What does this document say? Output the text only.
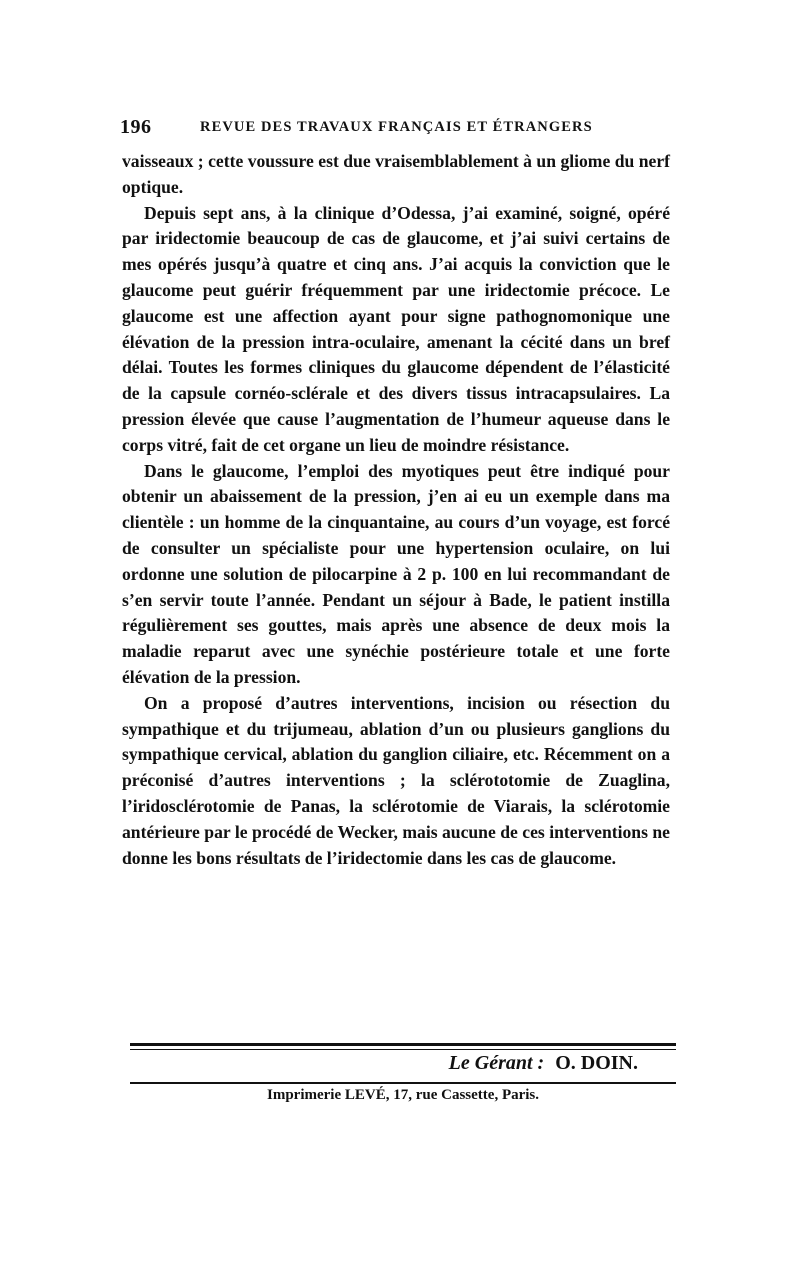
196	REVUE DES TRAVAUX FRANÇAIS ET ÉTRANGERS

vaisseaux ; cette voussure est due vraisemblablement à un gliome du nerf optique.

Depuis sept ans, à la clinique d’Odessa, j’ai examiné, soigné, opéré par iridectomie beaucoup de cas de glaucome, et j’ai suivi certains de mes opérés jusqu’à quatre et cinq ans. J’ai acquis la conviction que le glaucome peut guérir fréquemment par une iridectomie précoce. Le glaucome est une affection ayant pour signe pathognomonique une élévation de la pression intra-oculaire, amenant la cécité dans un bref délai. Toutes les formes cliniques du glaucome dépendent de l’élasticité de la capsule cornéo-sclérale et des divers tissus intracapsulaires. La pression élevée que cause l’augmentation de l’humeur aqueuse dans le corps vitré, fait de cet organe un lieu de moindre résistance.

Dans le glaucome, l’emploi des myotiques peut être indiqué pour obtenir un abaissement de la pression, j’en ai eu un exemple dans ma clientèle : un homme de la cinquantaine, au cours d’un voyage, est forcé de consulter un spécialiste pour une hypertension oculaire, on lui ordonne une solution de pilocarpine à 2 p. 100 en lui recommandant de s’en servir toute l’année. Pendant un séjour à Bade, le patient instilla régulièrement ses gouttes, mais après une absence de deux mois la maladie reparut avec une synéchie postérieure totale et une forte élévation de la pression.

On a proposé d’autres interventions, incision ou résection du sympathique et du trijumeau, ablation d’un ou plusieurs ganglions du sympathique cervical, ablation du ganglion ciliaire, etc. Récemment on a préconisé d’autres interventions ; la sclérototomie de Zuaglina, l’iridosclérotomie de Panas, la sclérotomie de Viarais, la sclérotomie antérieure par le procédé de Wecker, mais aucune de ces interventions ne donne les bons résultats de l’iridectomie dans les cas de glaucome.

Le Gérant : O. DOIN.
Imprimerie LEVÉ, 17, rue Cassette, Paris.
